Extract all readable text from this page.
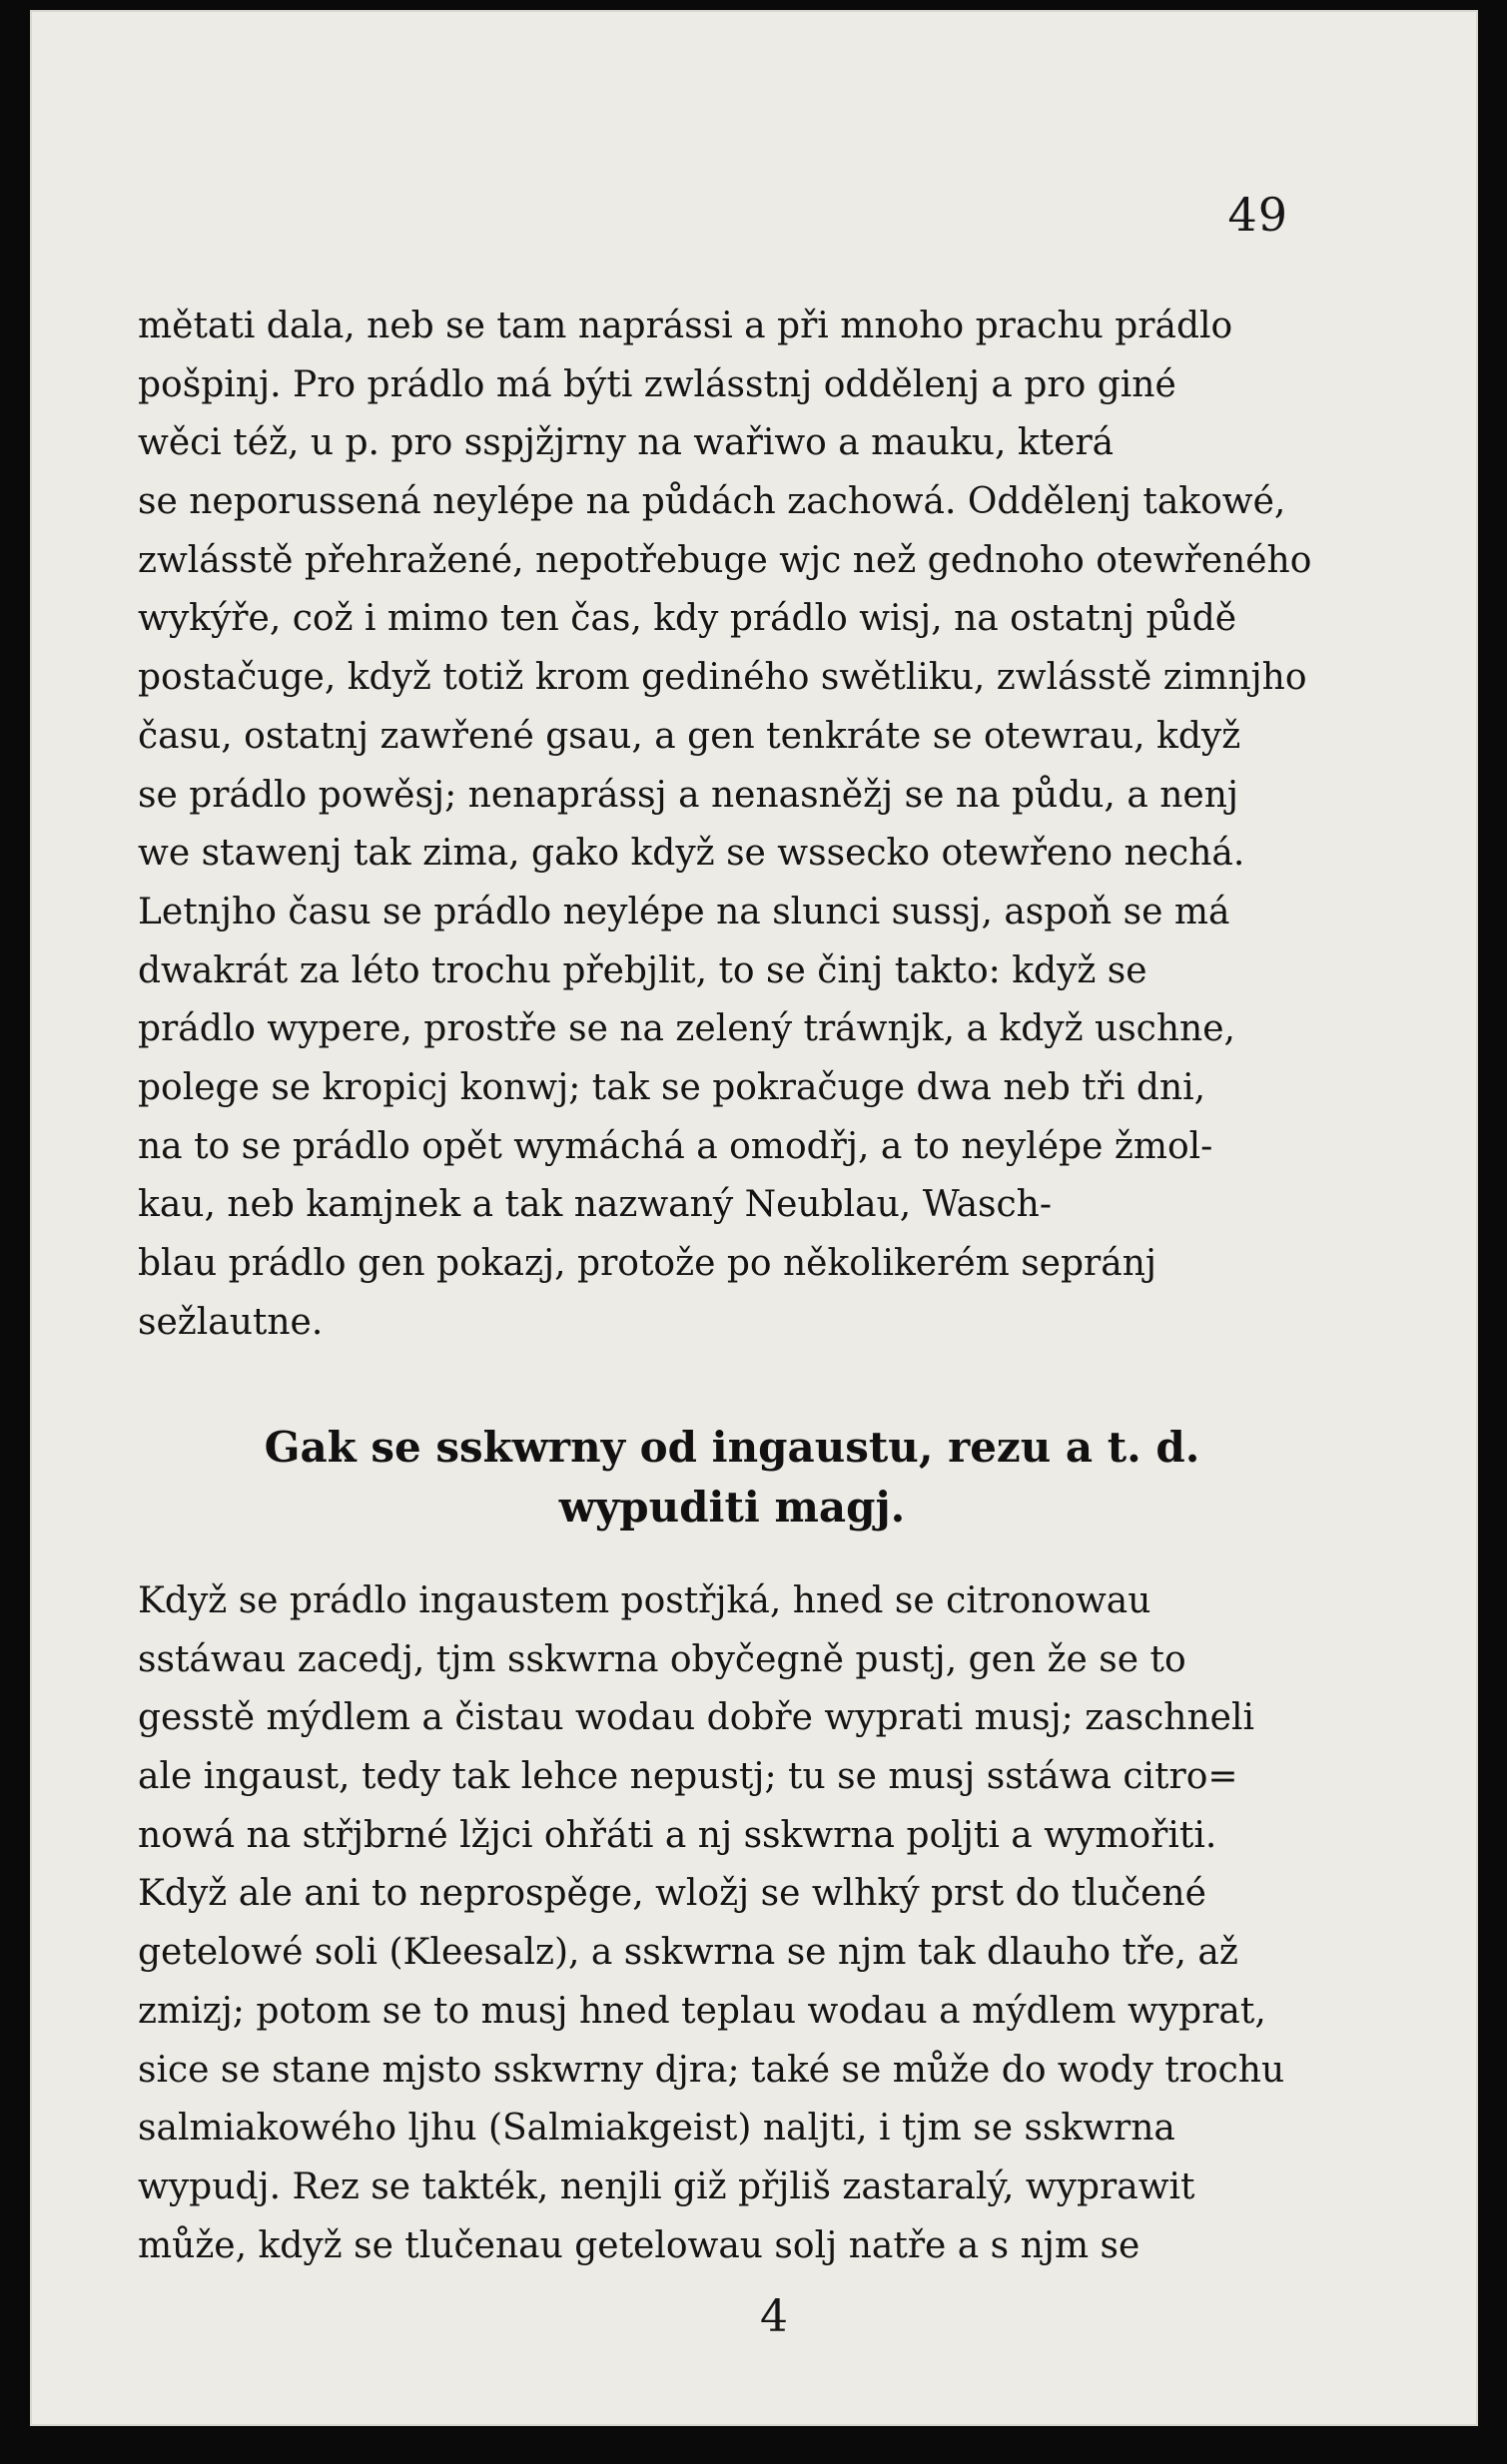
49
mětati dala, neb se tam naprássi a při mnoho prachu prádlo
pošpinj. Pro prádlo má býti zwlásstnj oddělenj a pro giné
wěci též, u p. pro sspjžjrny na wařiwo a mauku, která
se neporussená neylépe na půdách zachowá. Oddělenj takowé,
zwlásstě přehražené, nepotřebuge wjc než gednoho otewřeného
wykýře, což i mimo ten čas, kdy prádlo wisj, na ostatnj půdě
postačuge, když totiž krom gediného swětliku, zwlásstě zimnjho
času, ostatnj zawřené gsau, a gen tenkráte se otewrau, když
se prádlo powěsj; nenaprássj a nenasněžj se na půdu, a nenj
we stawenj tak zima, gako když se wssecko otewřeno nechá.
Letnjho času se prádlo neylépe na slunci sussj, aspoň se má
dwakrát za léto trochu přebjlit, to se činj takto: když se
prádlo wypere, prostře se na zelený tráwnjk, a když uschne,
polege se kropicj konwj; tak se pokračuge dwa neb tři dni,
na to se prádlo opět wymáchá a omodřj, a to neylépe žmol-
kau, neb kamjnek a tak nazwaný Neublau, Wasch-
blau prádlo gen pokazj, protože po několikerém sepránj
sežlautne.
Gak se sskwrny od ingaustu, rezu a t. d.
wypuditi magj.
Když se prádlo ingaustem postřjká, hned se citronowau
sstáwau zacedj, tjm sskwrna obyčegně pustj, gen že se to
gesstě mýdlem a čistau wodau dobře wyprati musj; zaschneli
ale ingaust, tedy tak lehce nepustj; tu se musj sstáwa citro=
nowá na střjbrné lžjci ohřáti a nj sskwrna poljti a wymořiti.
Když ale ani to neprospěge, wložj se wlhký prst do tlučené
getelowé soli (Kleesalz), a sskwrna se njm tak dlauho tře, až
zmizj; potom se to musj hned teplau wodau a mýdlem wyprat,
sice se stane mjsto sskwrny djra; také se může do wody trochu
salmiakowého ljhu (Salmiakgeist) naljti, i tjm se sskwrna
wypudj. Rez se takték, nenjli giž přjliš zastaralý, wyprawit
může, když se tlučenau getelowau solj natře a s njm se
4
